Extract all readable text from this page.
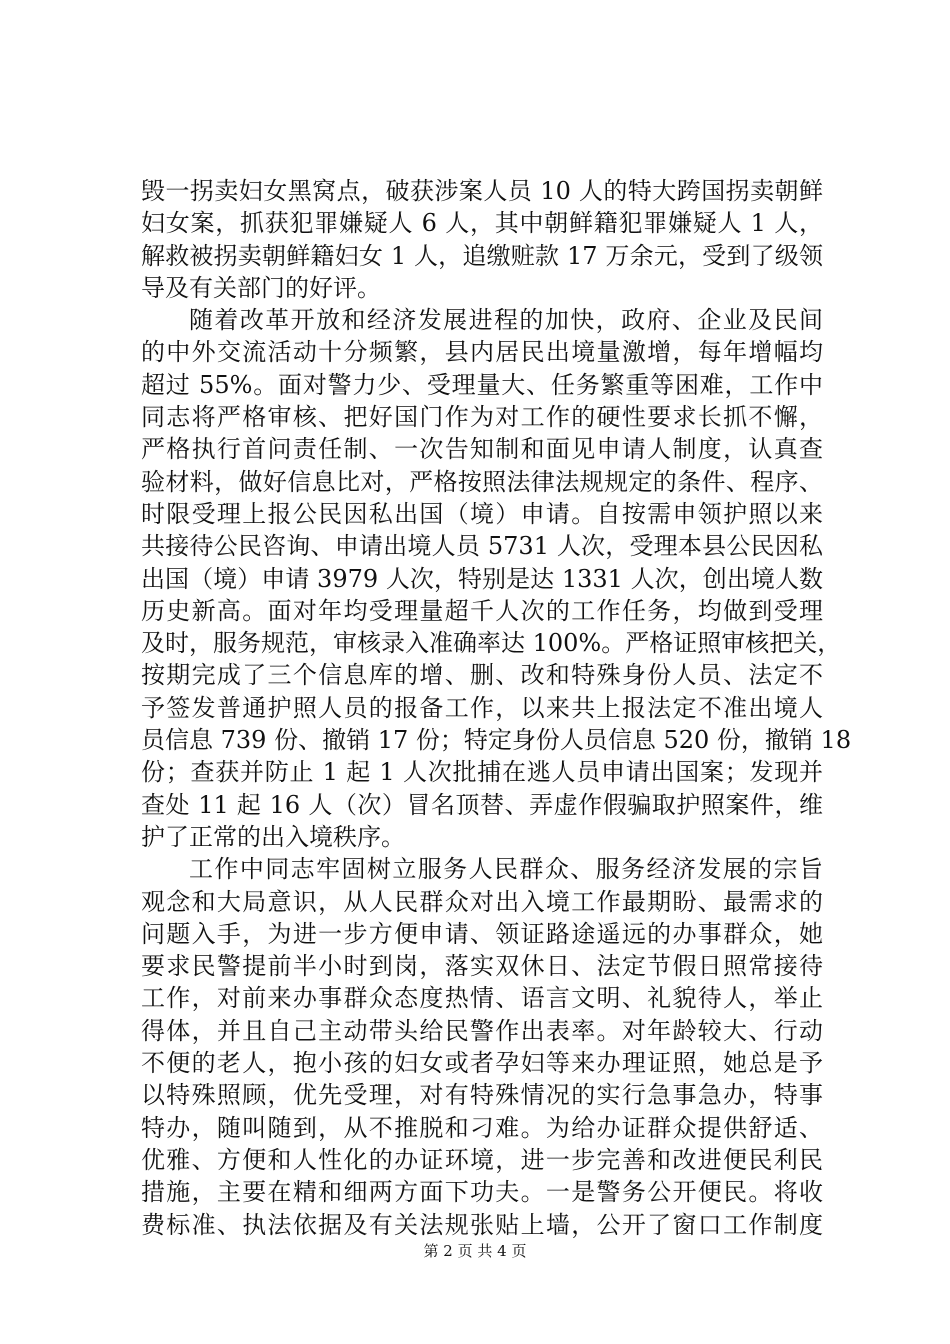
毁一拐卖妇女黑窝点，破获涉案人员 10 人的特大跨国拐卖朝鲜
妇女案，抓获犯罪嫌疑人 6 人，其中朝鲜籍犯罪嫌疑人 1 人，
解救被拐卖朝鲜籍妇女 1 人，追缴赃款 17 万余元，受到了级领
导及有关部门的好评。
随着改革开放和经济发展进程的加快，政府、企业及民间
的中外交流活动十分频繁，县内居民出境量激增，每年增幅均
超过 55%。面对警力少、受理量大、任务繁重等困难，工作中
同志将严格审核、把好国门作为对工作的硬性要求长抓不懈，
严格执行首问责任制、一次告知制和面见申请人制度，认真查
验材料，做好信息比对，严格按照法律法规规定的条件、程序、
时限受理上报公民因私出国（境）申请。自按需申领护照以来
共接待公民咨询、申请出境人员 5731 人次，受理本县公民因私
出国（境）申请 3979 人次，特别是达 1331 人次，创出境人数
历史新高。面对年均受理量超千人次的工作任务，均做到受理
及时，服务规范，审核录入准确率达 100%。严格证照审核把关，
按期完成了三个信息库的增、删、改和特殊身份人员、法定不
予签发普通护照人员的报备工作，以来共上报法定不准出境人
员信息 739 份、撤销 17 份；特定身份人员信息 520 份，撤销 18
份；查获并防止 1 起 1 人次批捕在逃人员申请出国案；发现并
查处 11 起 16 人（次）冒名顶替、弄虚作假骗取护照案件，维
护了正常的出入境秩序。
工作中同志牢固树立服务人民群众、服务经济发展的宗旨
观念和大局意识，从人民群众对出入境工作最期盼、最需求的
问题入手，为进一步方便申请、领证路途遥远的办事群众，她
要求民警提前半小时到岗，落实双休日、法定节假日照常接待
工作，对前来办事群众态度热情、语言文明、礼貌待人，举止
得体，并且自己主动带头给民警作出表率。对年龄较大、行动
不便的老人，抱小孩的妇女或者孕妇等来办理证照，她总是予
以特殊照顾，优先受理，对有特殊情况的实行急事急办，特事
特办，随叫随到，从不推脱和刁难。为给办证群众提供舒适、
优雅、方便和人性化的办证环境，进一步完善和改进便民利民
措施，主要在精和细两方面下功夫。一是警务公开便民。将收
费标准、执法依据及有关法规张贴上墙，公开了窗口工作制度
第 2 页 共 4 页
